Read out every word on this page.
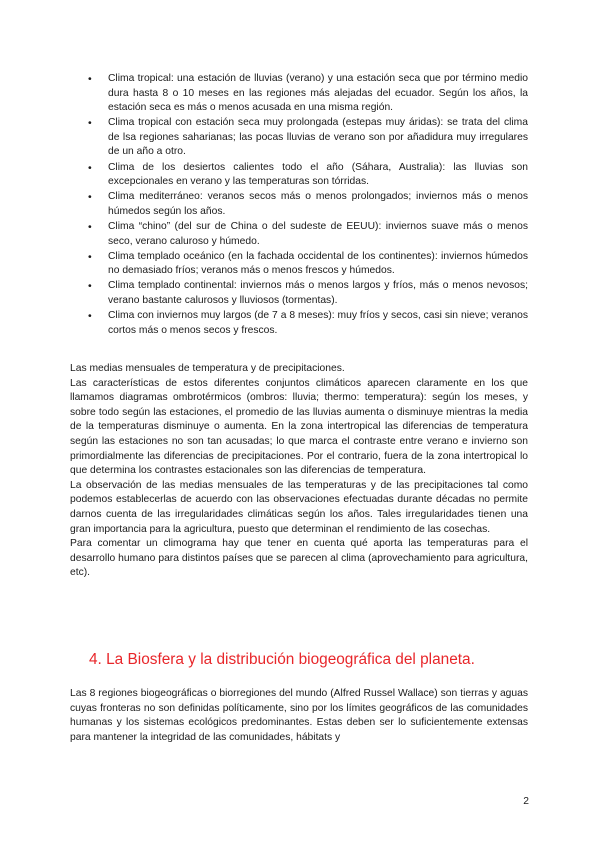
• Clima tropical: una estación de lluvias (verano) y una estación seca que por término medio dura hasta 8 o 10 meses en las regiones más alejadas del ecuador. Según los años, la estación seca es más o menos acusada en una misma región.
• Clima tropical con estación seca muy prolongada (estepas muy áridas): se trata del clima de lsa regiones saharianas; las pocas lluvias de verano son por añadidura muy irregulares de un año a otro.
• Clima de los desiertos calientes todo el año (Sáhara, Australia): las lluvias son excepcionales en verano y las temperaturas son tórridas.
• Clima mediterráneo: veranos secos más o menos prolongados; inviernos más o menos húmedos según los años.
• Clima “chino” (del sur de China o del sudeste de EEUU): inviernos suave más o menos seco, verano caluroso y húmedo.
• Clima templado oceánico (en la fachada occidental de los continentes): inviernos húmedos no demasiado fríos; veranos más o menos frescos y húmedos.
• Clima templado continental: inviernos más o menos largos y fríos, más o menos nevosos; verano bastante calurosos y lluviosos (tormentas).
• Clima con inviernos muy largos (de 7 a 8 meses): muy fríos y secos, casi sin nieve; veranos cortos más o menos secos y frescos.

Las medias mensuales de temperatura y de precipitaciones.

Las características de estos diferentes conjuntos climáticos aparecen claramente en los que llamamos diagramas ombrotérmicos (ombros: lluvia; thermo: temperatura): según los meses, y sobre todo según las estaciones, el promedio de las lluvias aumenta o disminuye mientras la media de la temperaturas disminuye o aumenta. En la zona intertropical las diferencias de temperatura según las estaciones no son tan acusadas; lo que marca el contraste entre verano e invierno son primordialmente las diferencias de precipitaciones. Por el contrario, fuera de la zona intertropical lo que determina los contrastes estacionales son las diferencias de temperatura.

La observación de las medias mensuales de las temperaturas y de las precipitaciones tal como podemos establecerlas de acuerdo con las observaciones efectuadas durante décadas no permite darnos cuenta de las irregularidades climáticas según los años. Tales irregularidades tienen una gran importancia para la agricultura, puesto que determinan el rendimiento de las cosechas.

Para comentar un climograma hay que tener en cuenta qué aporta las temperaturas para el desarrollo humano para distintos países que se parecen al clima (aprovechamiento para agricultura, etc).

4. La Biosfera y la distribución biogeográfica del planeta.

Las 8 regiones biogeográficas o biorregiones del mundo (Alfred Russel Wallace) son tierras y aguas cuyas fronteras no son definidas políticamente, sino por los límites geográficos de las comunidades humanas y los sistemas ecológicos predominantes. Estas deben ser lo suficientemente extensas para mantener la integridad de las comunidades, hábitats y

2
